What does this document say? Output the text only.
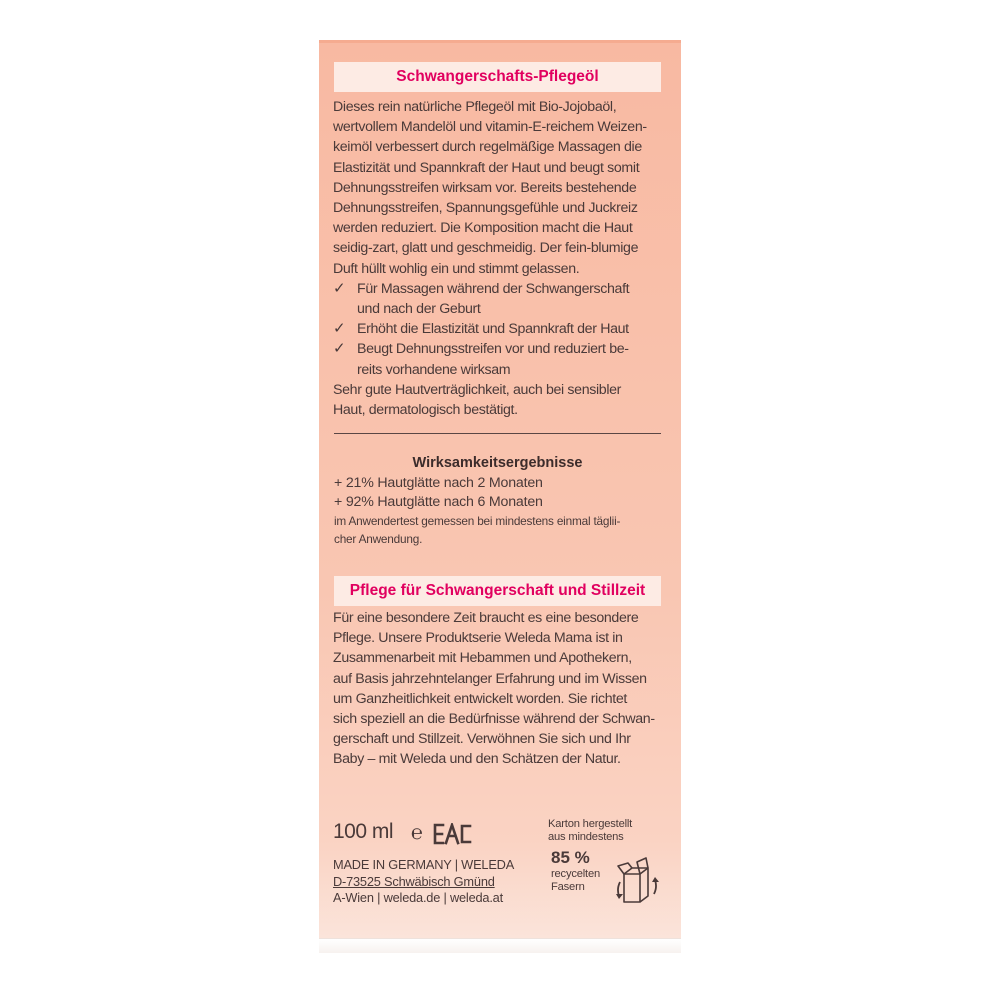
Schwangerschafts-Pflegeöl
Dieses rein natürliche Pflegeöl mit Bio-Jojobaöl,
wertvollem Mandelöl und vitamin-E-reichem Weizen-
keimöl verbessert durch regelmäßige Massagen die
Elastizität und Spannkraft der Haut und beugt somit
Dehnungsstreifen wirksam vor. Bereits bestehende
Dehnungsstreifen, Spannungsgefühle und Juckreiz
werden reduziert. Die Komposition macht die Haut
seidig-zart, glatt und geschmeidig. Der fein-blumige
Duft hüllt wohlig ein und stimmt gelassen.
✓ Für Massagen während der Schwangerschaft
und nach der Geburt
✓ Erhöht die Elastizität und Spannkraft der Haut
✓ Beugt Dehnungsstreifen vor und reduziert be-
reits vorhandene wirksam
Sehr gute Hautverträglichkeit, auch bei sensibler
Haut, dermatologisch bestätigt.
Wirksamkeitsergebnisse
+ 21% Hautglätte nach 2 Monaten
+ 92% Hautglätte nach 6 Monaten
im Anwendertest gemessen bei mindestens einmal täglii-
cher Anwendung.
Pflege für Schwangerschaft und Stillzeit
Für eine besondere Zeit braucht es eine besondere
Pflege. Unsere Produktserie Weleda Mama ist in
Zusammenarbeit mit Hebammen und Apothekern,
auf Basis jahrzehntelanger Erfahrung und im Wissen
um Ganzheitlichkeit entwickelt worden. Sie richtet
sich speziell an die Bedürfnisse während der Schwan-
gerschaft und Stillzeit. Verwöhnen Sie sich und Ihr
Baby – mit Weleda und den Schätzen der Natur.
100 ml ℮
MADE IN GERMANY | WELEDA
D-73525 Schwäbisch Gmünd
A-Wien | weleda.de | weleda.at
Karton hergestellt
aus mindestens
85 %
recycelten
Fasern
